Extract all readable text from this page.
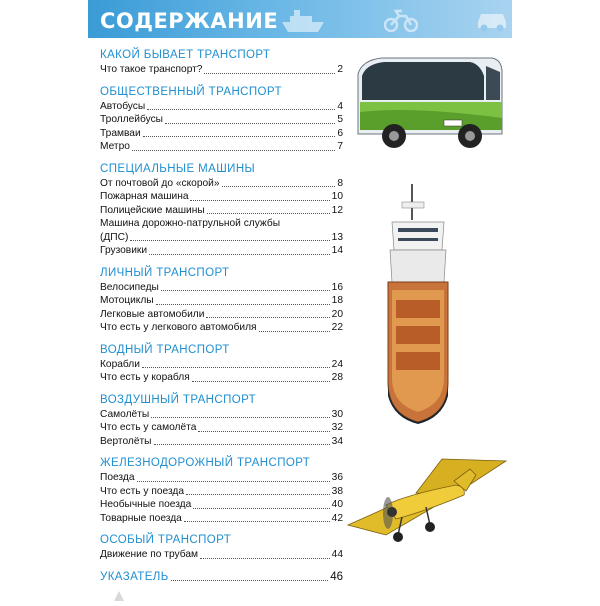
СОДЕРЖАНИЕ
КАКОЙ БЫВАЕТ ТРАНСПОРТ
Что такое транспорт?	2
ОБЩЕСТВЕННЫЙ ТРАНСПОРТ
Автобусы	4
Троллейбусы	5
Трамваи	6
Метро	7
СПЕЦИАЛЬНЫЕ МАШИНЫ
От почтовой до «скорой»	8
Пожарная машина	10
Полицейские машины	12
Машина дорожно-патрульной службы
(ДПС)	13
Грузовики	14
ЛИЧНЫЙ ТРАНСПОРТ
Велосипеды	16
Мотоциклы	18
Легковые автомобили	20
Что есть у легкового автомобиля	22
ВОДНЫЙ ТРАНСПОРТ
Корабли	24
Что есть у корабля	28
ВОЗДУШНЫЙ ТРАНСПОРТ
Самолёты	30
Что есть у самолёта	32
Вертолёты	34
ЖЕЛЕЗНОДОРОЖНЫЙ ТРАНСПОРТ
Поезда	36
Что есть у поезда	38
Необычные поезда	40
Товарные поезда	42
ОСОБЫЙ ТРАНСПОРТ
Движение по трубам	44
УКАЗАТЕЛЬ	46
